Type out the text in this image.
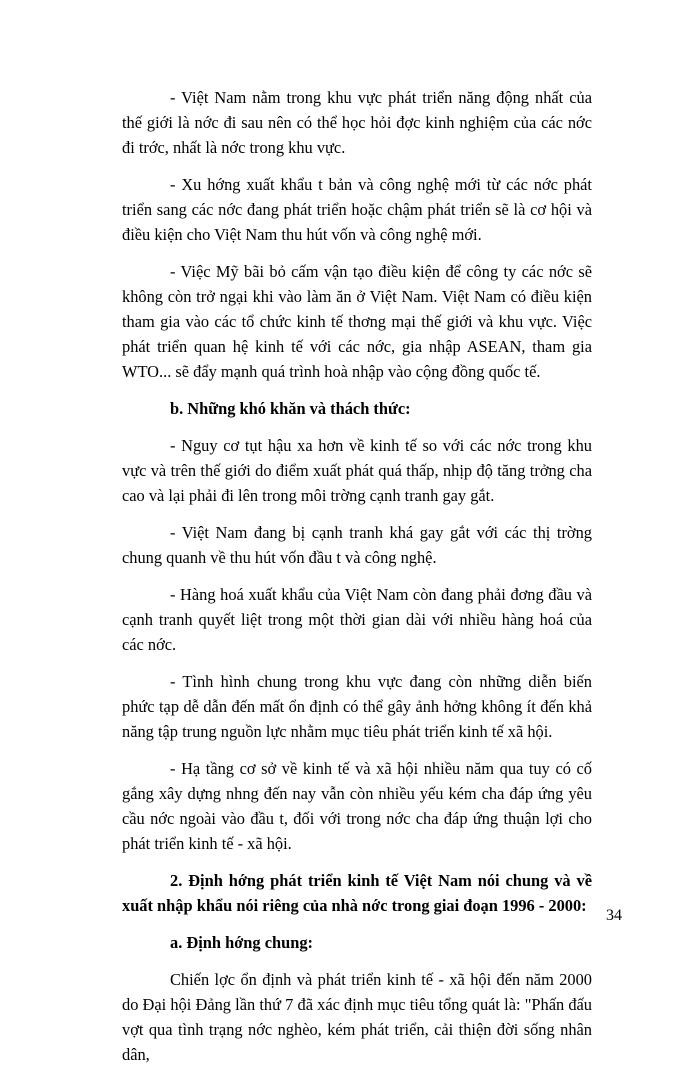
- Việt Nam nằm trong khu vực phát triển năng động nhất của thế giới là nớc đi sau nên có thể học hỏi đợc kinh nghiệm của các nớc đi trớc, nhất là nớc trong khu vực.

- Xu hớng xuất khẩu t bản và công nghệ mới từ các nớc phát triển sang các nớc đang phát triển hoặc chậm phát triển sẽ là cơ hội và điều kiện cho Việt Nam thu hút vốn và công nghệ mới.

- Việc Mỹ bãi bỏ cấm vận tạo điều kiện để công ty các nớc sẽ không còn trở ngại khi vào làm ăn ở Việt Nam. Việt Nam có điều kiện tham gia vào các tổ chức kinh tế thơng mại thế giới và khu vực. Việc phát triển quan hệ kinh tế với các nớc, gia nhập ASEAN, tham gia WTO... sẽ đẩy mạnh quá trình hoà nhập vào cộng đồng quốc tế.

b. Những khó khăn và thách thức:

- Nguy cơ tụt hậu xa hơn về kinh tế so với các nớc trong khu vực và trên thế giới do điểm xuất phát quá thấp, nhịp độ tăng trởng cha cao và lại phải đi lên trong môi trờng cạnh tranh gay gắt.

- Việt Nam đang bị cạnh tranh khá gay gắt với các thị trờng chung quanh về thu hút vốn đầu t và công nghệ.

- Hàng hoá xuất khẩu của Việt Nam còn đang phải đơng đầu và cạnh tranh quyết liệt trong một thời gian dài với nhiều hàng hoá của các nớc.

- Tình hình chung trong khu vực đang còn những diễn biến phức tạp dễ dẫn đến mất ổn định có thể gây ảnh hởng không ít đến khả năng tập trung nguồn lực nhằm mục tiêu phát triển kinh tế xã hội.

- Hạ tầng cơ sở về kinh tế và xã hội nhiều năm qua tuy có cố gắng xây dựng nhng đến nay vẫn còn nhiều yếu kém cha đáp ứng yêu cầu nớc ngoài vào đầu t, đối với trong nớc cha đáp ứng thuận lợi cho phát triển kinh tế - xã hội.

2. Định hớng phát triển kinh tế Việt Nam nói chung và về xuất nhập khẩu nói riêng của nhà nớc trong giai đoạn 1996 - 2000:

a. Định hớng chung:

Chiến lợc ổn định và phát triển kinh tế - xã hội đến năm 2000 do Đại hội Đảng lần thứ 7 đã xác định mục tiêu tổng quát là: "Phấn đấu vợt qua tình trạng nớc nghèo, kém phát triển, cải thiện đời sống nhân dân,

34
